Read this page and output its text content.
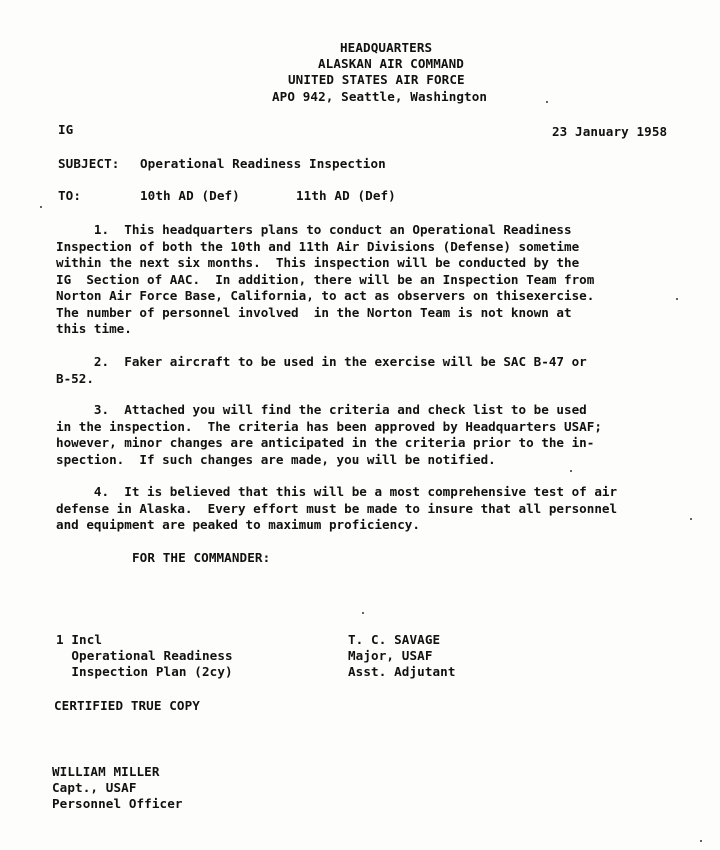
HEADQUARTERS
ALASKAN AIR COMMAND
UNITED STATES AIR FORCE
APO 942, Seattle, Washington
IG	23 January 1958
SUBJECT: Operational Readiness Inspection
TO:	10th AD (Def)	11th AD (Def)
1.  This headquarters plans to conduct an Operational Readiness
Inspection of both the 10th and 11th Air Divisions (Defense) sometime
within the next six months.  This inspection will be conducted by the
IG  Section of AAC.  In addition, there will be an Inspection Team from
Norton Air Force Base, California, to act as observers on thisexercise.
The number of personnel involved  in the Norton Team is not known at
this time.
2.  Faker aircraft to be used in the exercise will be SAC B-47 or
B-52.
3.  Attached you will find the criteria and check list to be used
in the inspection.  The criteria has been approved by Headquarters USAF;
however, minor changes are anticipated in the criteria prior to the in-
spection.  If such changes are made, you will be notified.
4.  It is believed that this will be a most comprehensive test of air
defense in Alaska.  Every effort must be made to insure that all personnel
and equipment are peaked to maximum proficiency.
FOR THE COMMANDER:
1 Incl
Operational Readiness
Inspection Plan (2cy)
T. C. SAVAGE
Major, USAF
Asst. Adjutant
CERTIFIED TRUE COPY
WILLIAM MILLER
Capt., USAF
Personnel Officer
